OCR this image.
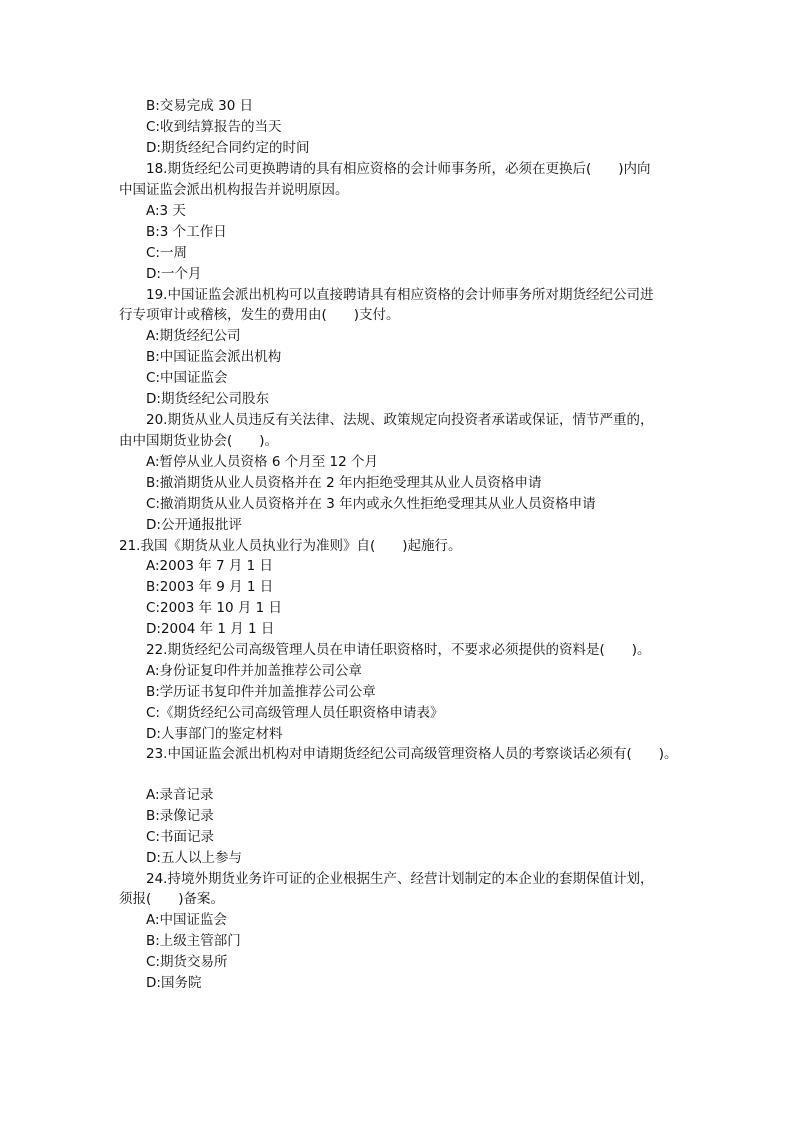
B:交易完成 30 日
C:收到结算报告的当天
D:期货经纪合同约定的时间
18.期货经纪公司更换聘请的具有相应资格的会计师事务所，必须在更换后(　　)内向
中国证监会派出机构报告并说明原因。
A:3 天
B:3 个工作日
C:一周
D:一个月
19.中国证监会派出机构可以直接聘请具有相应资格的会计师事务所对期货经纪公司进
行专项审计或稽核，发生的费用由(　　)支付。
A:期货经纪公司
B:中国证监会派出机构
C:中国证监会
D:期货经纪公司股东
20.期货从业人员违反有关法律、法规、政策规定向投资者承诺或保证，情节严重的，
由中国期货业协会(　　)。
A:暂停从业人员资格 6 个月至 12 个月
B:撤消期货从业人员资格并在 2 年内拒绝受理其从业人员资格申请
C:撤消期货从业人员资格并在 3 年内或永久性拒绝受理其从业人员资格申请
D:公开通报批评
21.我国《期货从业人员执业行为准则》自(　　)起施行。
A:2003 年 7 月 1 日
B:2003 年 9 月 1 日
C:2003 年 10 月 1 日
D:2004 年 1 月 1 日
22.期货经纪公司高级管理人员在申请任职资格时，不要求必须提供的资料是(　　)。
A:身份证复印件并加盖推荐公司公章
B:学历证书复印件并加盖推荐公司公章
C:《期货经纪公司高级管理人员任职资格申请表》
D:人事部门的鉴定材料
23.中国证监会派出机构对申请期货经纪公司高级管理资格人员的考察谈话必须有(　　)。
A:录音记录
B:录像记录
C:书面记录
D:五人以上参与
24.持境外期货业务许可证的企业根据生产、经营计划制定的本企业的套期保值计划，
须报(　　)备案。
A:中国证监会
B:上级主管部门
C:期货交易所
D:国务院
